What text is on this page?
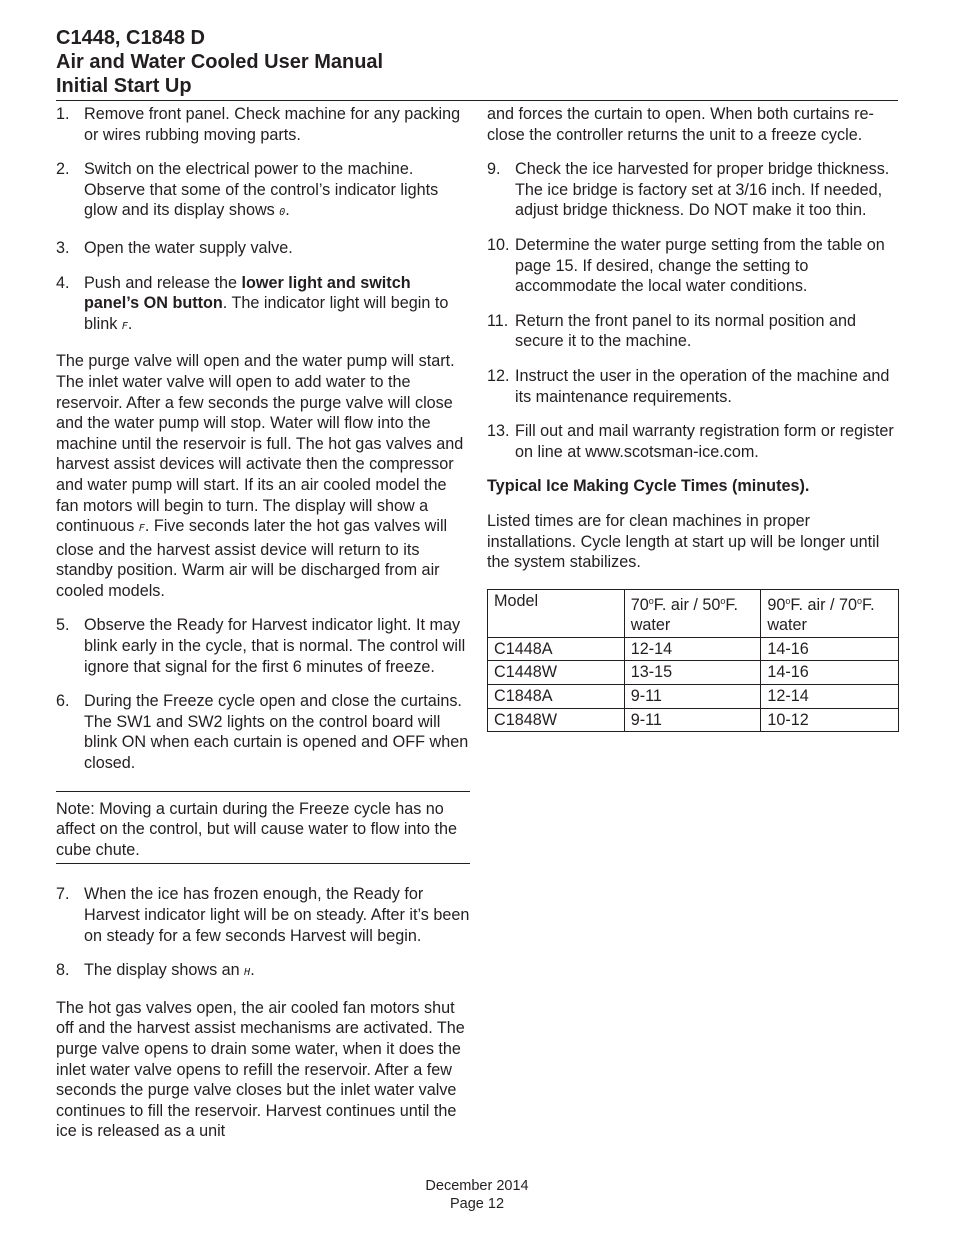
C1448, C1848 D
Air and Water Cooled User Manual
Initial Start Up
1. Remove front panel. Check machine for any packing or wires rubbing moving parts.
2. Switch on the electrical power to the machine. Observe that some of the control’s indicator lights glow and its display shows 0.
3. Open the water supply valve.
4. Push and release the lower light and switch panel’s ON button. The indicator light will begin to blink F.

The purge valve will open and the water pump will start. The inlet water valve will open to add water to the reservoir. After a few seconds the purge valve will close and the water pump will stop. Water will flow into the machine until the reservoir is full. The hot gas valves and harvest assist devices will activate then the compressor and water pump will start. If its an air cooled model the fan motors will begin to turn. The display will show a continuous F. Five seconds later the hot gas valves will close and the harvest assist device will return to its standby position. Warm air will be discharged from air cooled models.

5. Observe the Ready for Harvest indicator light. It may blink early in the cycle, that is normal. The control will ignore that signal for the first 6 minutes of freeze.
6. During the Freeze cycle open and close the curtains. The SW1 and SW2 lights on the control board will blink ON when each curtain is opened and OFF when closed.
Note: Moving a curtain during the Freeze cycle has no affect on the control, but will cause water to flow into the cube chute.
7. When the ice has frozen enough, the Ready for Harvest indicator light will be on steady. After it’s been on steady for a few seconds Harvest will begin.
8. The display shows an H.

The hot gas valves open, the air cooled fan motors shut off and the harvest assist mechanisms are activated. The purge valve opens to drain some water, when it does the inlet water valve opens to refill the reservoir. After a few seconds the purge valve closes but the inlet water valve continues to fill the reservoir. Harvest continues until the ice is released as a unit

and forces the curtain to open. When both curtains re-close the controller returns the unit to a freeze cycle.

9. Check the ice harvested for proper bridge thickness. The ice bridge is factory set at 3/16 inch. If needed, adjust bridge thickness. Do NOT make it too thin.
10. Determine the water purge setting from the table on page 15. If desired, change the setting to accommodate the local water conditions.
11. Return the front panel to its normal position and secure it to the machine.
12. Instruct the user in the operation of the machine and its maintenance requirements.
13. Fill out and mail warranty registration form or register on line at www.scotsman-ice.com.

Typical Ice Making Cycle Times (minutes).

Listed times are for clean machines in proper installations. Cycle length at start up will be longer until the system stabilizes.

Model	70$^o$F. air / 50$^o$F. water	90$^o$F. air / 70$^o$F. water
C1448A	12-14	14-16
C1448W	13-15	14-16
C1848A	9-11	12-14
C1848W	9-11	10-12
December 2014
Page 12
